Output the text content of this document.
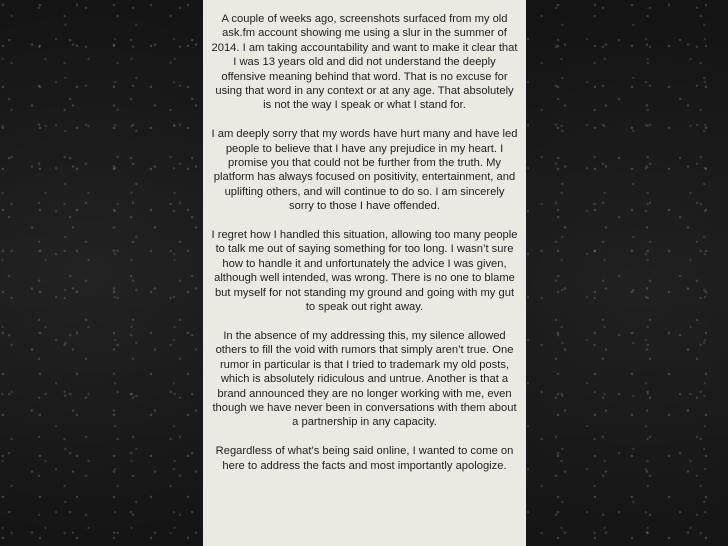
A couple of weeks ago, screenshots surfaced from my old ask.fm account showing me using a slur in the summer of 2014. I am taking accountability and want to make it clear that I was 13 years old and did not understand the deeply offensive meaning behind that word. That is no excuse for using that word in any context or at any age. That absolutely is not the way I speak or what I stand for.

I am deeply sorry that my words have hurt many and have led people to believe that I have any prejudice in my heart. I promise you that could not be further from the truth. My platform has always focused on positivity, entertainment, and uplifting others, and will continue to do so. I am sincerely sorry to those I have offended.

I regret how I handled this situation, allowing too many people to talk me out of saying something for too long. I wasn’t sure how to handle it and unfortunately the advice I was given, although well intended, was wrong. There is no one to blame but myself for not standing my ground and going with my gut to speak out right away.

In the absence of my addressing this, my silence allowed others to fill the void with rumors that simply aren’t true. One rumor in particular is that I tried to trademark my old posts, which is absolutely ridiculous and untrue. Another is that a brand announced they are no longer working with me, even though we have never been in conversations with them about a partnership in any capacity.

Regardless of what’s being said online, I wanted to come on here to address the facts and most importantly apologize.
